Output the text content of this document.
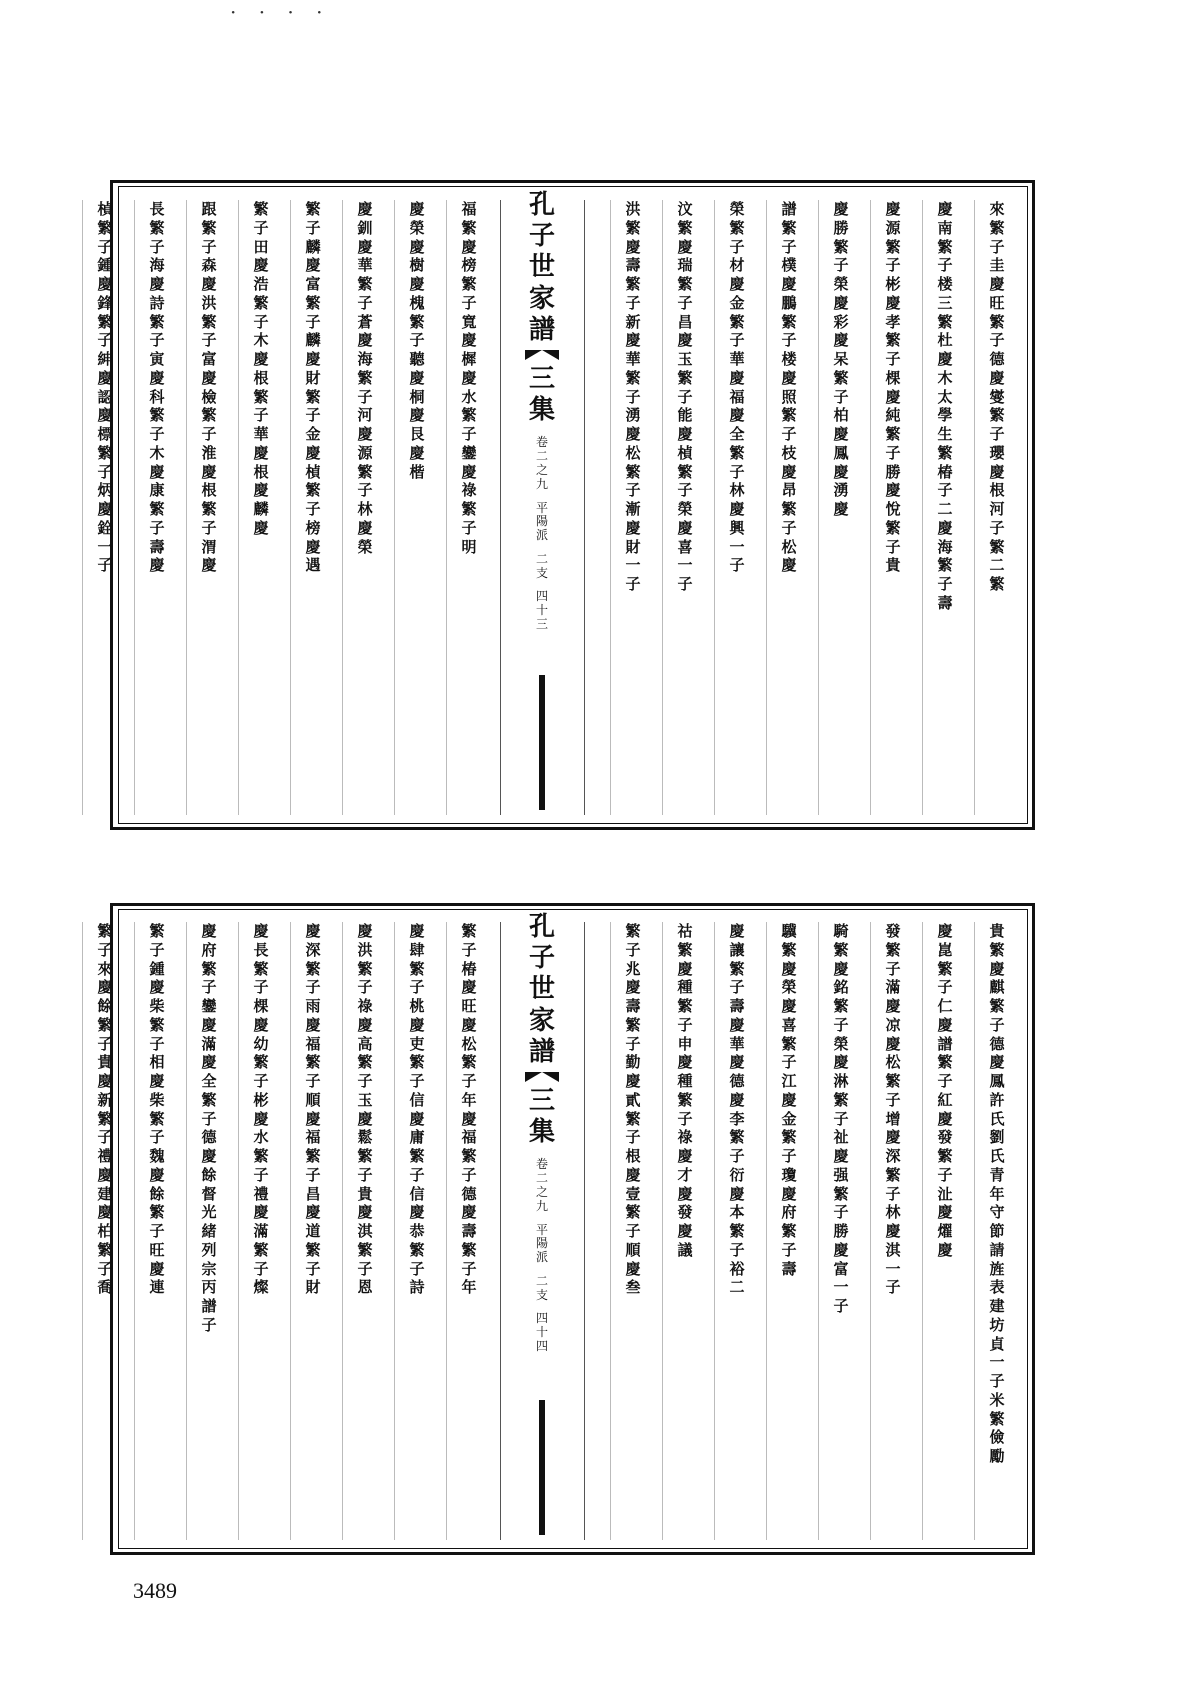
· · · ·
孔
子
世
家
譜
三
集
卷
二
之
九
平
陽
派
二
支
四
十
三
來
繁
子
圭
慶
旺
繁
子
德
慶
燮
繁
子
瓔
慶
根
河
子
繁
二
繁
慶
南
繁
子
楼
三
繁
杜
慶
木
太
學
生
繁
椿
子
二
慶
海
繁
子
壽
慶
源
繁
子
彬
慶
孝
繁
子
棵
慶
純
繁
子
勝
慶
悅
繁
子
貴
慶
勝
繁
子
榮
慶
彩
慶
呆
繁
子
柏
慶
鳳
慶
湧
慶
譜
繁
子
樸
慶
鵬
繁
子
楼
慶
照
繁
子
枝
慶
昂
繁
子
松
慶
榮
繁
子
材
慶
金
繁
子
華
慶
福
慶
全
繁
子
林
慶
興
一
子
汶
繁
慶
瑞
繁
子
昌
慶
玉
繁
子
能
慶
楨
繁
子
榮
慶
喜
一
子
洪
繁
慶
壽
繁
子
新
慶
華
繁
子
湧
慶
松
繁
子
漸
慶
財
一
子
福
繁
慶
榜
繁
子
寬
慶
樨
慶
水
繁
子
鑾
慶
祿
繁
子
明
慶
榮
慶
樹
慶
槐
繁
子
聽
慶
桐
慶
艮
慶
楷
慶
釧
慶
華
繁
子
蒼
慶
海
繁
子
河
慶
源
繁
子
林
慶
榮
繁
子
麟
慶
富
繁
子
麟
慶
財
繁
子
金
慶
楨
繁
子
榜
慶
遇
繁
子
田
慶
浩
繁
子
木
慶
根
繁
子
華
慶
根
慶
麟
慶
跟
繁
子
森
慶
洪
繁
子
富
慶
檢
繁
子
淮
慶
根
繁
子
渭
慶
長
繁
子
海
慶
詩
繁
子
寅
慶
科
繁
子
木
慶
康
繁
子
壽
慶
楨
繁
子
鍾
慶
鋒
繁
子
紳
慶
認
慶
標
繁
子
炳
慶
銓
一
子
孔
子
世
家
譜
三
集
卷
二
之
九
平
陽
派
二
支
四
十
四
貴
繁
慶
麒
繁
子
德
慶
鳳
許
氏
劉
氏
青
年
守
節
請
旌
表
建
坊
貞
一
子
米
繁
儉
勵
慶
崑
繁
子
仁
慶
譜
繁
子
紅
慶
發
繁
子
沚
慶
燿
慶
發
繁
子
滿
慶
凉
慶
松
繁
子
增
慶
深
繁
子
林
慶
淇
一
子
騎
繁
慶
銘
繁
子
榮
慶
淋
繁
子
祉
慶
强
繁
子
勝
慶
富
一
子
驥
繁
慶
榮
慶
喜
繁
子
江
慶
金
繁
子
瓊
慶
府
繁
子
壽
慶
讓
繁
子
壽
慶
華
慶
德
慶
李
繁
子
衍
慶
本
繁
子
裕
二
祜
繁
慶
種
繁
子
申
慶
種
繁
子
祿
慶
才
慶
發
慶
議
繁
子
兆
慶
壽
繁
子
勤
慶
貳
繁
子
根
慶
壹
繁
子
順
慶
叁
繁
子
椿
慶
旺
慶
松
繁
子
年
慶
福
繁
子
德
慶
壽
繁
子
年
慶
肆
繁
子
桃
慶
吏
繁
子
信
慶
庸
繁
子
信
慶
恭
繁
子
詩
慶
洪
繁
子
祿
慶
高
繁
子
玉
慶
鬆
繁
子
貴
慶
淇
繁
子
恩
慶
深
繁
子
雨
慶
福
繁
子
順
慶
福
繁
子
昌
慶
道
繁
子
財
慶
長
繁
子
棵
慶
幼
繁
子
彬
慶
水
繁
子
禮
慶
滿
繁
子
燦
慶
府
繁
子
鑾
慶
滿
慶
全
繁
子
德
慶
餘
督
光
緒
列
宗
丙
譜
子
繁
子
鍾
慶
柴
繁
子
相
慶
柴
繁
子
魏
慶
餘
繁
子
旺
慶
連
繁
子
來
慶
餘
繁
子
貴
慶
新
繁
子
禮
慶
建
慶
柏
繁
子
喬
3489
